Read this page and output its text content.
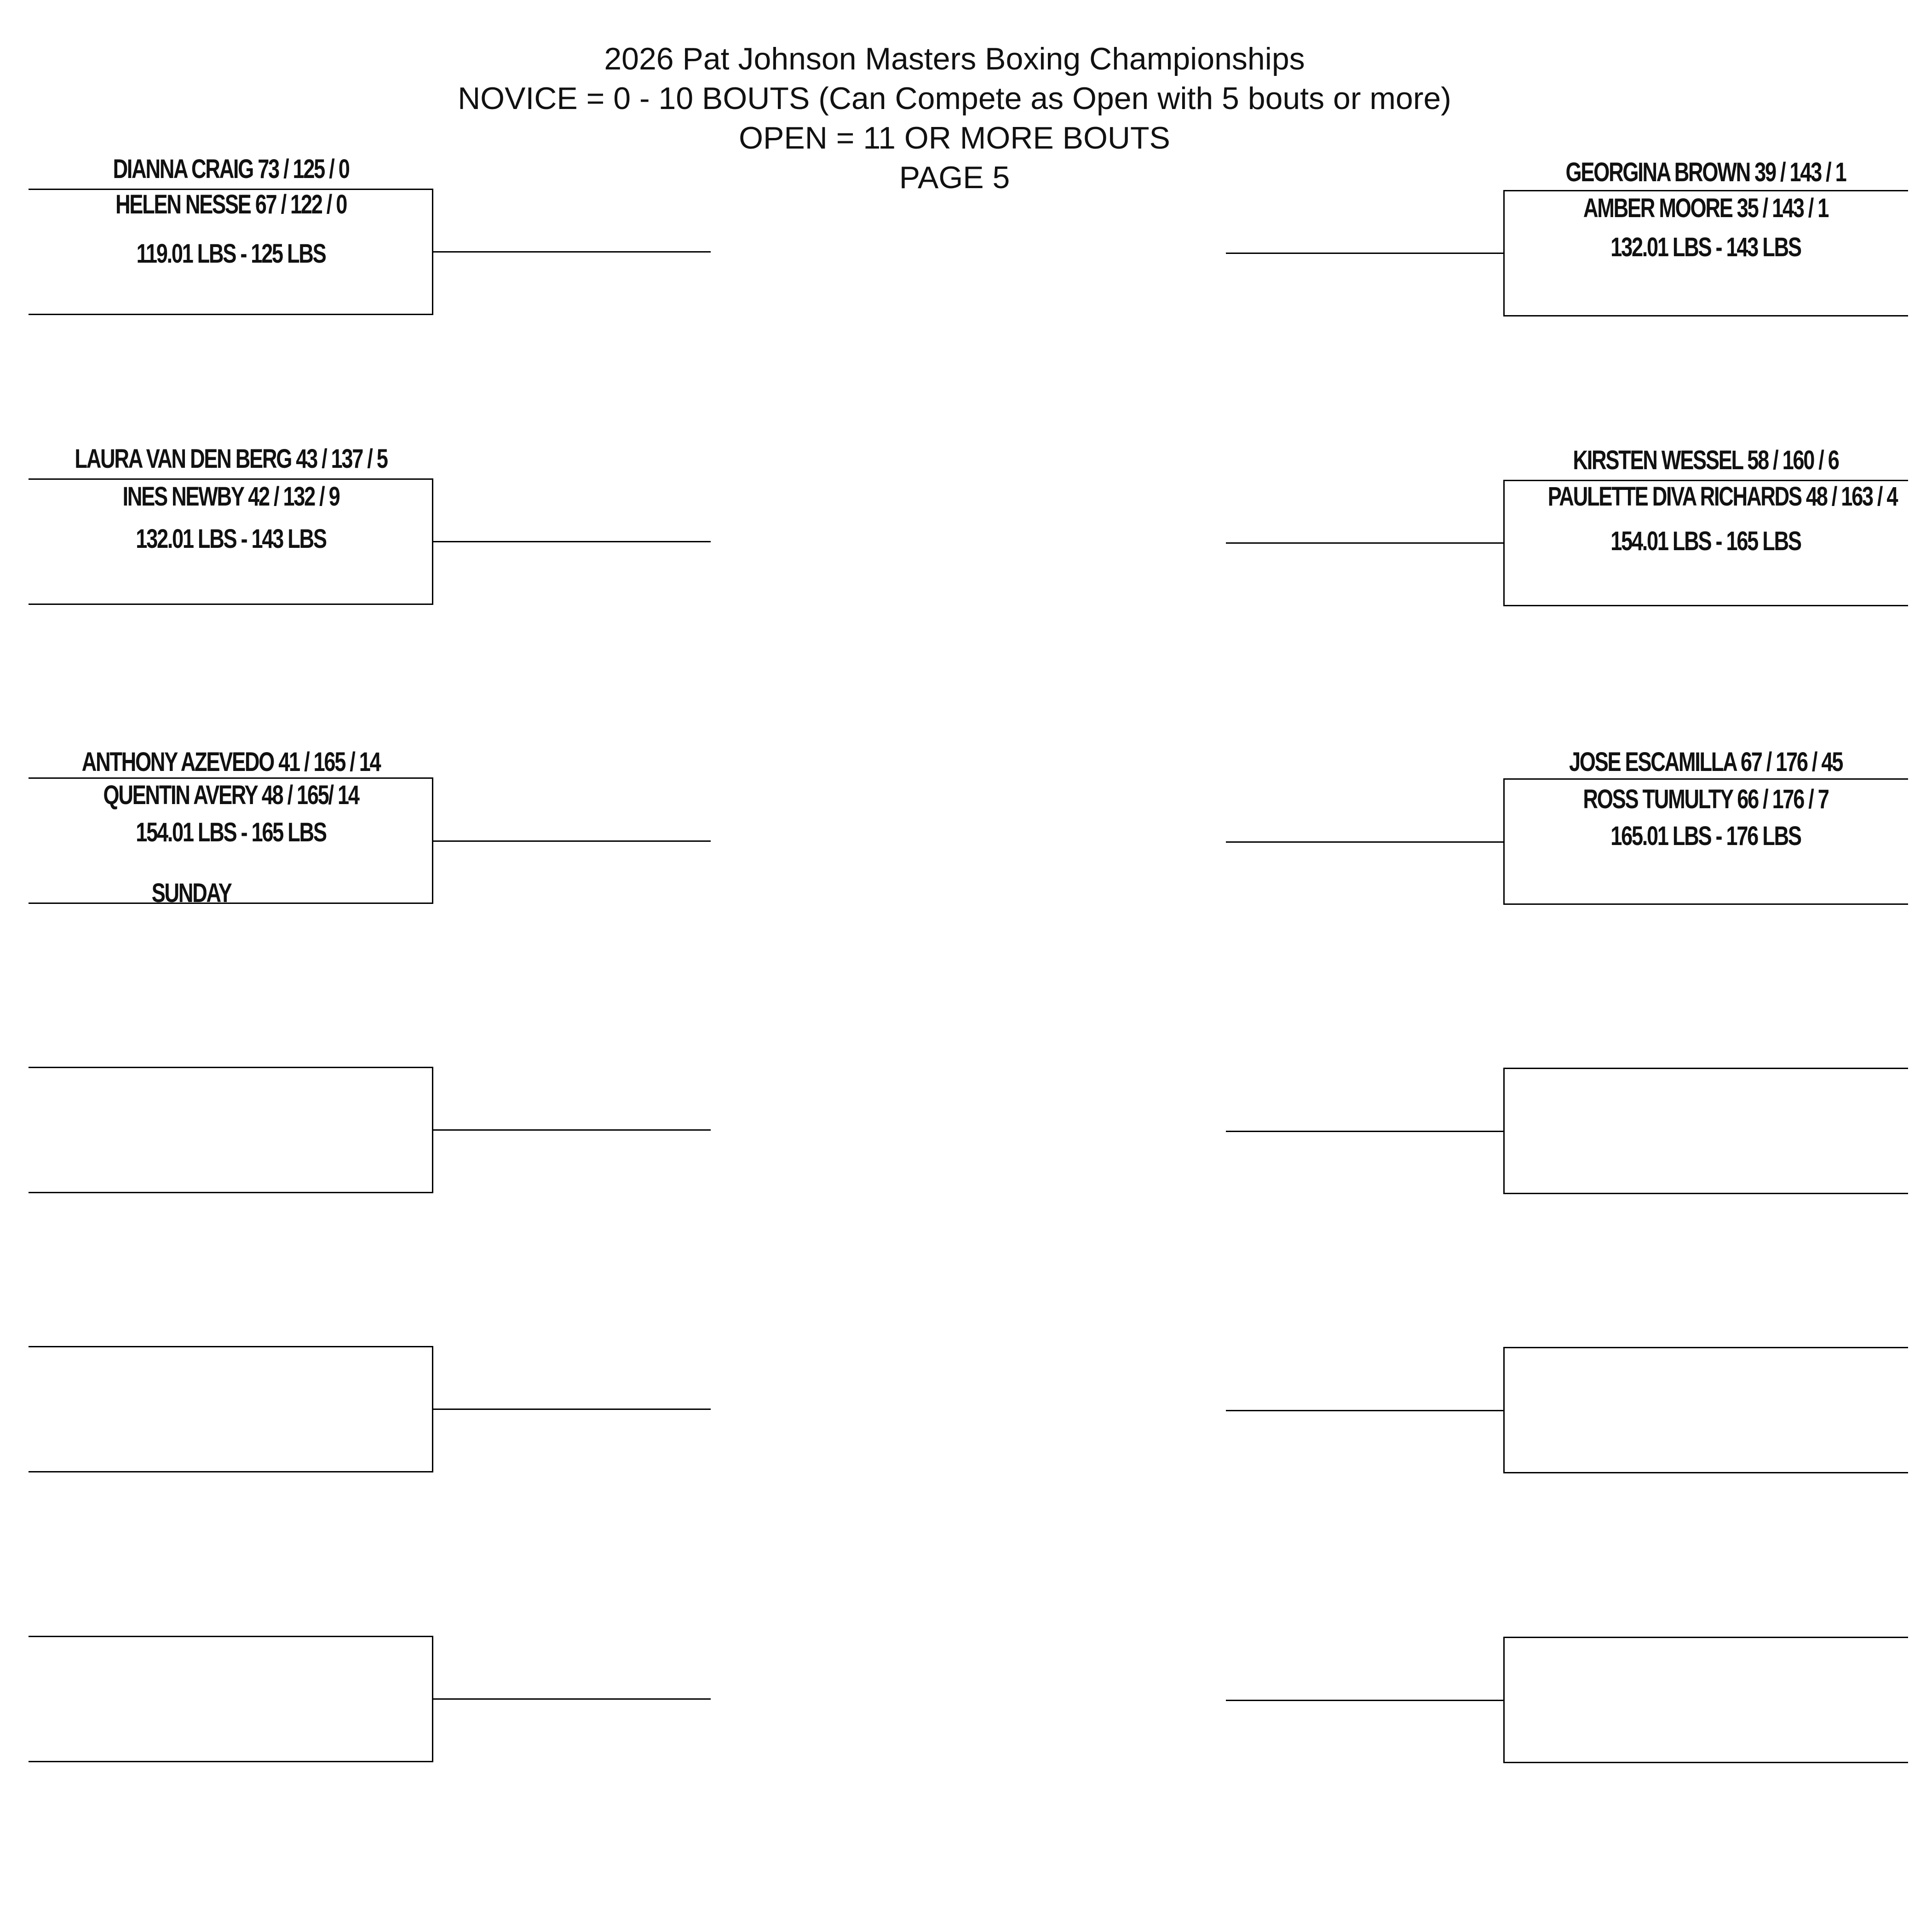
2026 Pat Johnson Masters Boxing Championships
NOVICE = 0 - 10 BOUTS (Can Compete as Open with 5 bouts or more)
OPEN = 11 OR MORE BOUTS
PAGE 5
DIANNA CRAIG 73 / 125 / 0
HELEN NESSE 67 / 122 / 0
119.01 LBS - 125 LBS
LAURA VAN DEN BERG 43 / 137 / 5
INES NEWBY 42 / 132 / 9
132.01 LBS - 143 LBS
ANTHONY AZEVEDO 41 / 165 / 14
QUENTIN AVERY 48 / 165/ 14
154.01 LBS - 165 LBS
SUNDAY
GEORGINA BROWN 39 / 143 / 1
AMBER MOORE 35 / 143 / 1
132.01 LBS - 143 LBS
KIRSTEN WESSEL 58 / 160 / 6
PAULETTE DIVA RICHARDS 48 / 163 / 4
154.01 LBS - 165 LBS
JOSE ESCAMILLA 67 / 176 / 45
ROSS TUMULTY 66 / 176 / 7
165.01 LBS - 176 LBS
